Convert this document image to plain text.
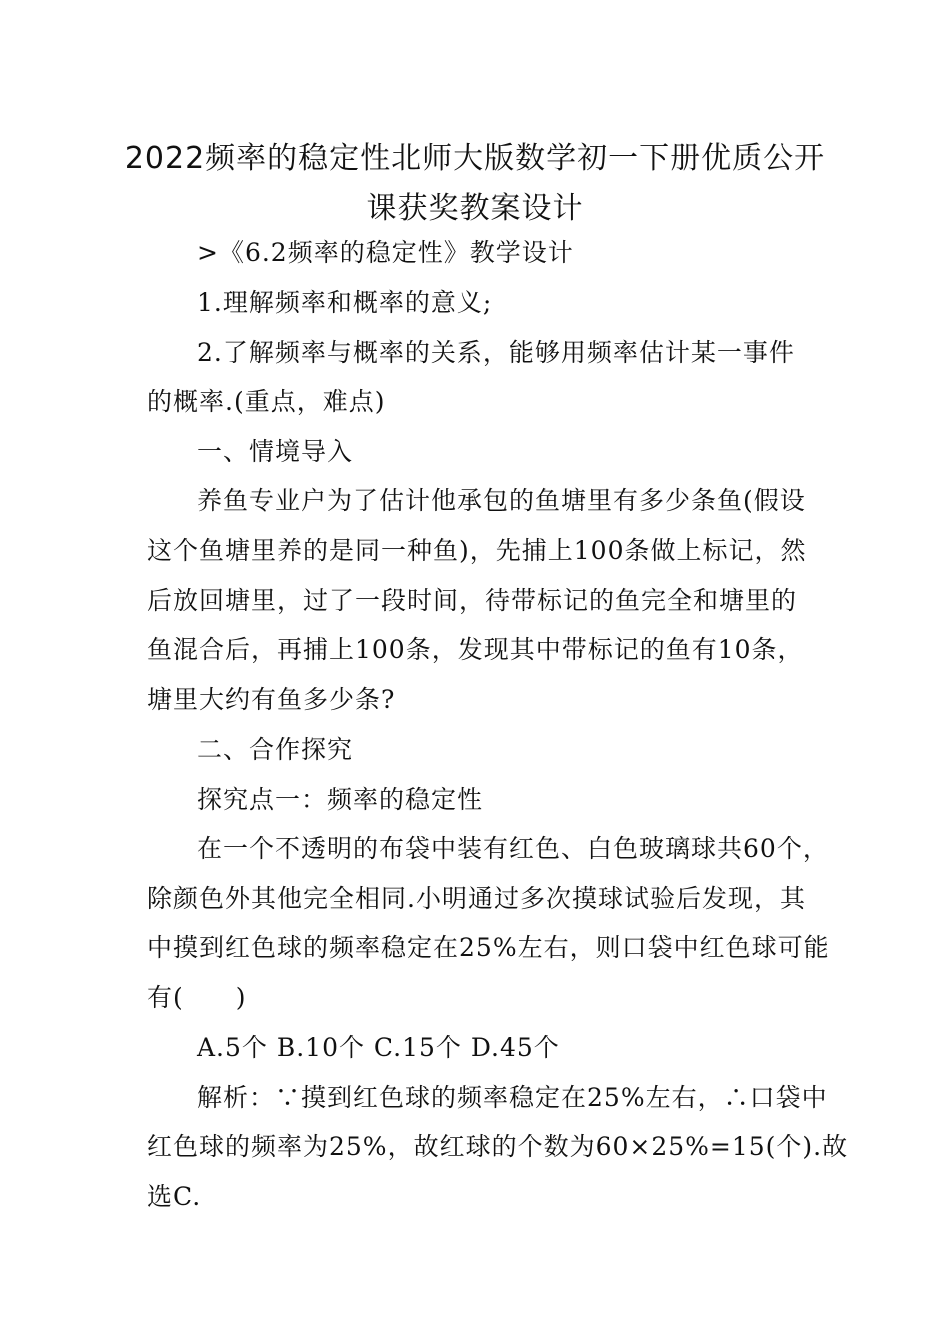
2022频率的稳定性北师大版数学初一下册优质公开
课获奖教案设计
>《6.2频率的稳定性》教学设计
1.理解频率和概率的意义;
2.了解频率与概率的关系，能够用频率估计某一事件
的概率.(重点，难点)
一、情境导入
养鱼专业户为了估计他承包的鱼塘里有多少条鱼(假设
这个鱼塘里养的是同一种鱼)，先捕上100条做上标记，然
后放回塘里，过了一段时间，待带标记的鱼完全和塘里的
鱼混合后，再捕上100条，发现其中带标记的鱼有10条，
塘里大约有鱼多少条?
二、合作探究
探究点一：频率的稳定性
在一个不透明的布袋中装有红色、白色玻璃球共60个，
除颜色外其他完全相同.小明通过多次摸球试验后发现，其
中摸到红色球的频率稳定在25%左右，则口袋中红色球可能
有(　　)
A.5个 B.10个 C.15个 D.45个
解析：∵摸到红色球的频率稳定在25%左右，∴口袋中
红色球的频率为25%，故红球的个数为60×25%=15(个).故
选C.
